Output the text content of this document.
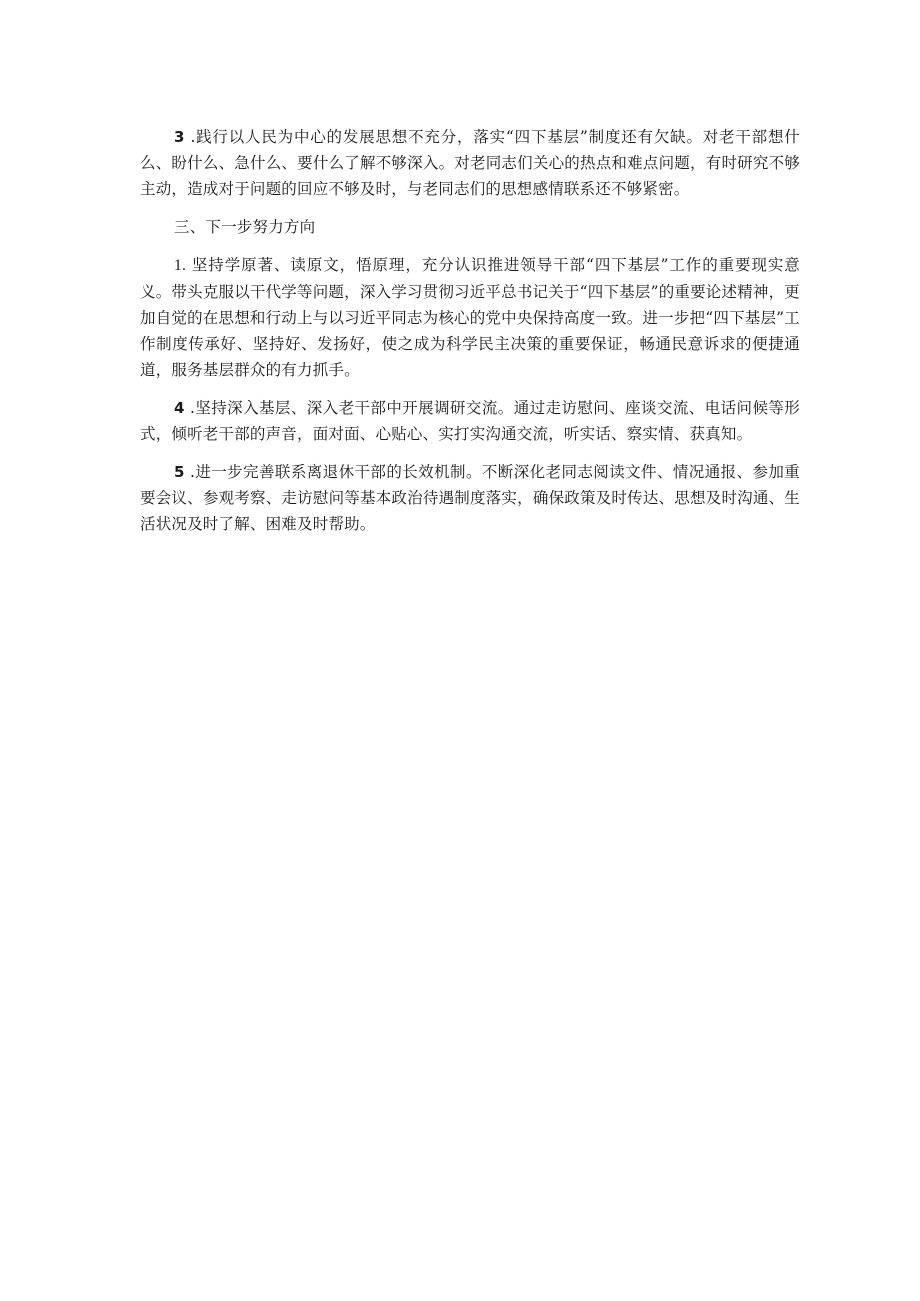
3 .践行以人民为中心的发展思想不充分，落实“四下基层”制度还有欠缺。对老干部想什么、盼什么、急什么、要什么了解不够深入。对老同志们关心的热点和难点问题，有时研究不够主动，造成对于问题的回应不够及时，与老同志们的思想感情联系还不够紧密。

三、下一步努力方向

1. 坚持学原著、读原文，悟原理，充分认识推进领导干部“四下基层”工作的重要现实意义。带头克服以干代学等问题，深入学习贯彻习近平总书记关于“四下基层”的重要论述精神，更加自觉的在思想和行动上与以习近平同志为核心的党中央保持高度一致。进一步把“四下基层”工作制度传承好、坚持好、发扬好，使之成为科学民主决策的重要保证，畅通民意诉求的便捷通道，服务基层群众的有力抓手。

4 .坚持深入基层、深入老干部中开展调研交流。通过走访慰问、座谈交流、电话问候等形式，倾听老干部的声音，面对面、心贴心、实打实沟通交流，听实话、察实情、获真知。

5 .进一步完善联系离退休干部的长效机制。不断深化老同志阅读文件、情况通报、参加重要会议、参观考察、走访慰问等基本政治待遇制度落实，确保政策及时传达、思想及时沟通、生活状况及时了解、困难及时帮助。
